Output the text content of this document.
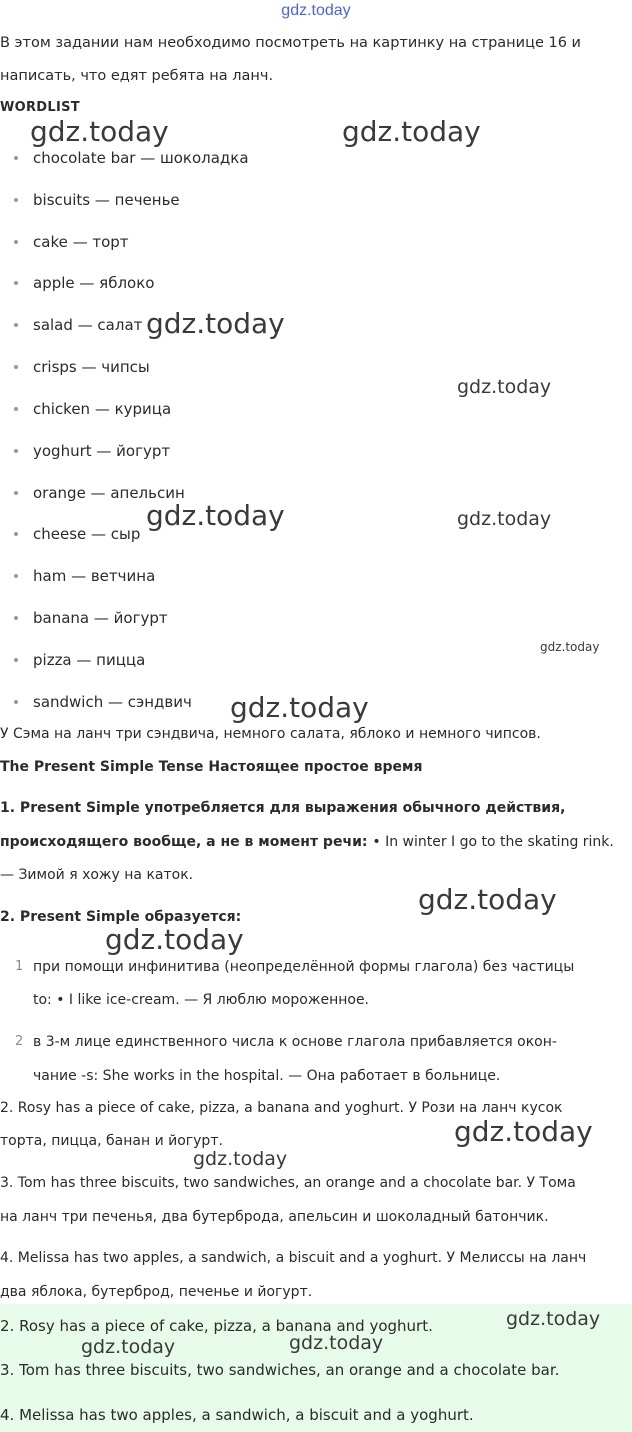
gdz.today

В этом задании нам необходимо посмотреть на картинку на странице 16 и

написать, что едят ребята на ланч.

WORDLIST

chocolate bar — шоколадка
biscuits — печенье
cake — торт
apple — яблоко
salad — салат
crisps — чипсы
chicken — курица
yoghurt — йогурт
orange — апельсин
cheese — сыр
ham — ветчина
banana — йогурт
pizza — пицца
sandwich — сэндвич

У Сэма на ланч три сэндвича, немного салата, яблоко и немного чипсов.

The Present Simple Tense Настоящее простое время

1. Present Simple употребляется для выражения обычного действия,

происходящего вообще, а не в момент речи: • In winter I go to the skating rink.

— Зимой я хожу на каток.

2. Present Simple образуется:

1 при помощи инфинитива (неопределённой формы глагола) без частицы
to: • I like ice-cream. — Я люблю мороженное.
2 в 3-м лице единственного числа к основе глагола прибавляется окон-
чание -s: She works in the hospital. — Она работает в больнице.

2. Rosy has a piece of cake, pizza, a banana and yoghurt. У Рози на ланч кусок

торта, пицца, банан и йогурт.

3. Tom has three biscuits, two sandwiches, an orange and a chocolate bar. У Тома

на ланч три печенья, два бутерброда, апельсин и шоколадный батончик.

4. Melissa has two apples, a sandwich, a biscuit and a yoghurt. У Мелиссы на ланч

два яблока, бутерброд, печенье и йогурт.

2. Rosy has a piece of cake, pizza, a banana and yoghurt.

3. Tom has three biscuits, two sandwiches, an orange and a chocolate bar.

4. Melissa has two apples, a sandwich, a biscuit and a yoghurt.

gdz.today	gdz.today
gdz.today
gdz.today
gdz.today	gdz.today
gdz.today
gdz.today
gdz.today
gdz.today
gdz.today
gdz.today
gdz.today
gdz.today	gdz.today
